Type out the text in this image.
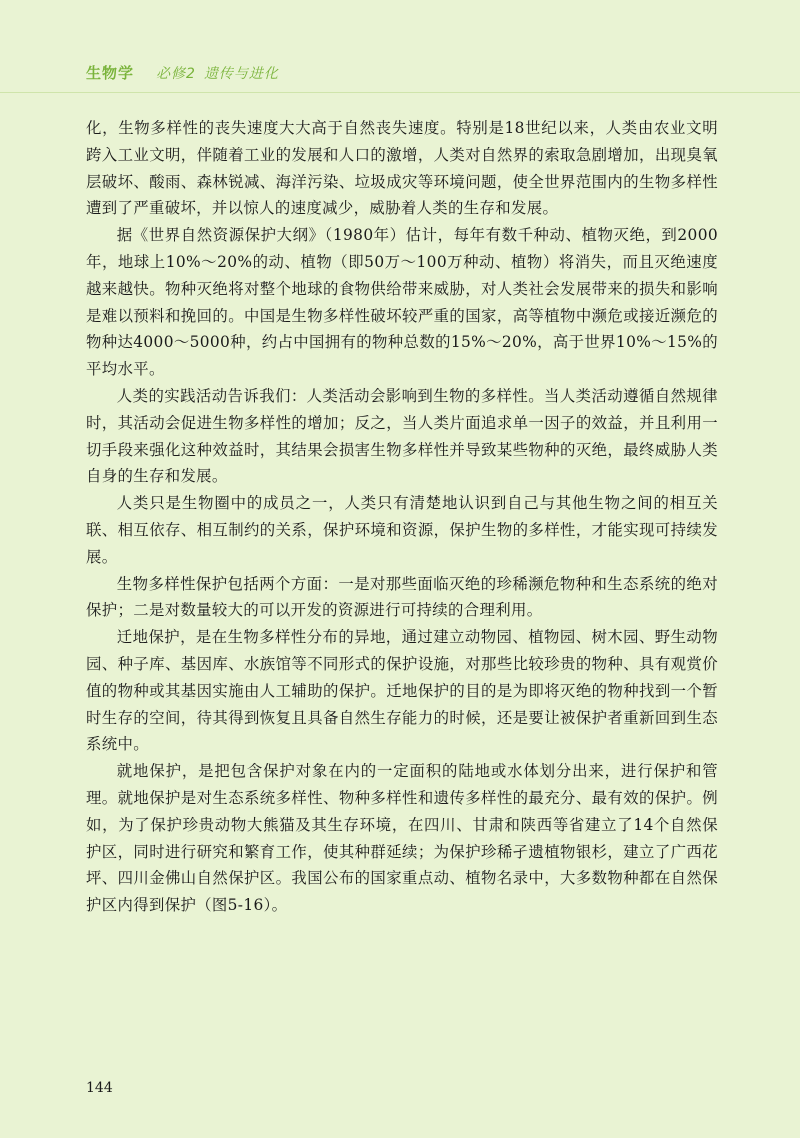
生物学 必修2 遗传与进化

化，生物多样性的丧失速度大大高于自然丧失速度。特别是18世纪以来，人类由农业文明跨入工业文明，伴随着工业的发展和人口的激增，人类对自然界的索取急剧增加，出现臭氧层破坏、酸雨、森林锐减、海洋污染、垃圾成灾等环境问题，使全世界范围内的生物多样性遭到了严重破坏，并以惊人的速度减少，威胁着人类的生存和发展。

据《世界自然资源保护大纲》（1980年）估计，每年有数千种动、植物灭绝，到2000年，地球上10%～20%的动、植物（即50万～100万种动、植物）将消失，而且灭绝速度越来越快。物种灭绝将对整个地球的食物供给带来威胁，对人类社会发展带来的损失和影响是难以预料和挽回的。中国是生物多样性破坏较严重的国家，高等植物中濒危或接近濒危的物种达4000～5000种，约占中国拥有的物种总数的15%～20%，高于世界10%～15%的平均水平。

人类的实践活动告诉我们：人类活动会影响到生物的多样性。当人类活动遵循自然规律时，其活动会促进生物多样性的增加；反之，当人类片面追求单一因子的效益，并且利用一切手段来强化这种效益时，其结果会损害生物多样性并导致某些物种的灭绝，最终威胁人类自身的生存和发展。

人类只是生物圈中的成员之一，人类只有清楚地认识到自己与其他生物之间的相互关联、相互依存、相互制约的关系，保护环境和资源，保护生物的多样性，才能实现可持续发展。

生物多样性保护包括两个方面：一是对那些面临灭绝的珍稀濒危物种和生态系统的绝对保护；二是对数量较大的可以开发的资源进行可持续的合理利用。

迁地保护，是在生物多样性分布的异地，通过建立动物园、植物园、树木园、野生动物园、种子库、基因库、水族馆等不同形式的保护设施，对那些比较珍贵的物种、具有观赏价值的物种或其基因实施由人工辅助的保护。迁地保护的目的是为即将灭绝的物种找到一个暂时生存的空间，待其得到恢复且具备自然生存能力的时候，还是要让被保护者重新回到生态系统中。

就地保护，是把包含保护对象在内的一定面积的陆地或水体划分出来，进行保护和管理。就地保护是对生态系统多样性、物种多样性和遗传多样性的最充分、最有效的保护。例如，为了保护珍贵动物大熊猫及其生存环境，在四川、甘肃和陕西等省建立了14个自然保护区，同时进行研究和繁育工作，使其种群延续；为保护珍稀孑遗植物银杉，建立了广西花坪、四川金佛山自然保护区。我国公布的国家重点动、植物名录中，大多数物种都在自然保护区内得到保护（图5-16）。

144
